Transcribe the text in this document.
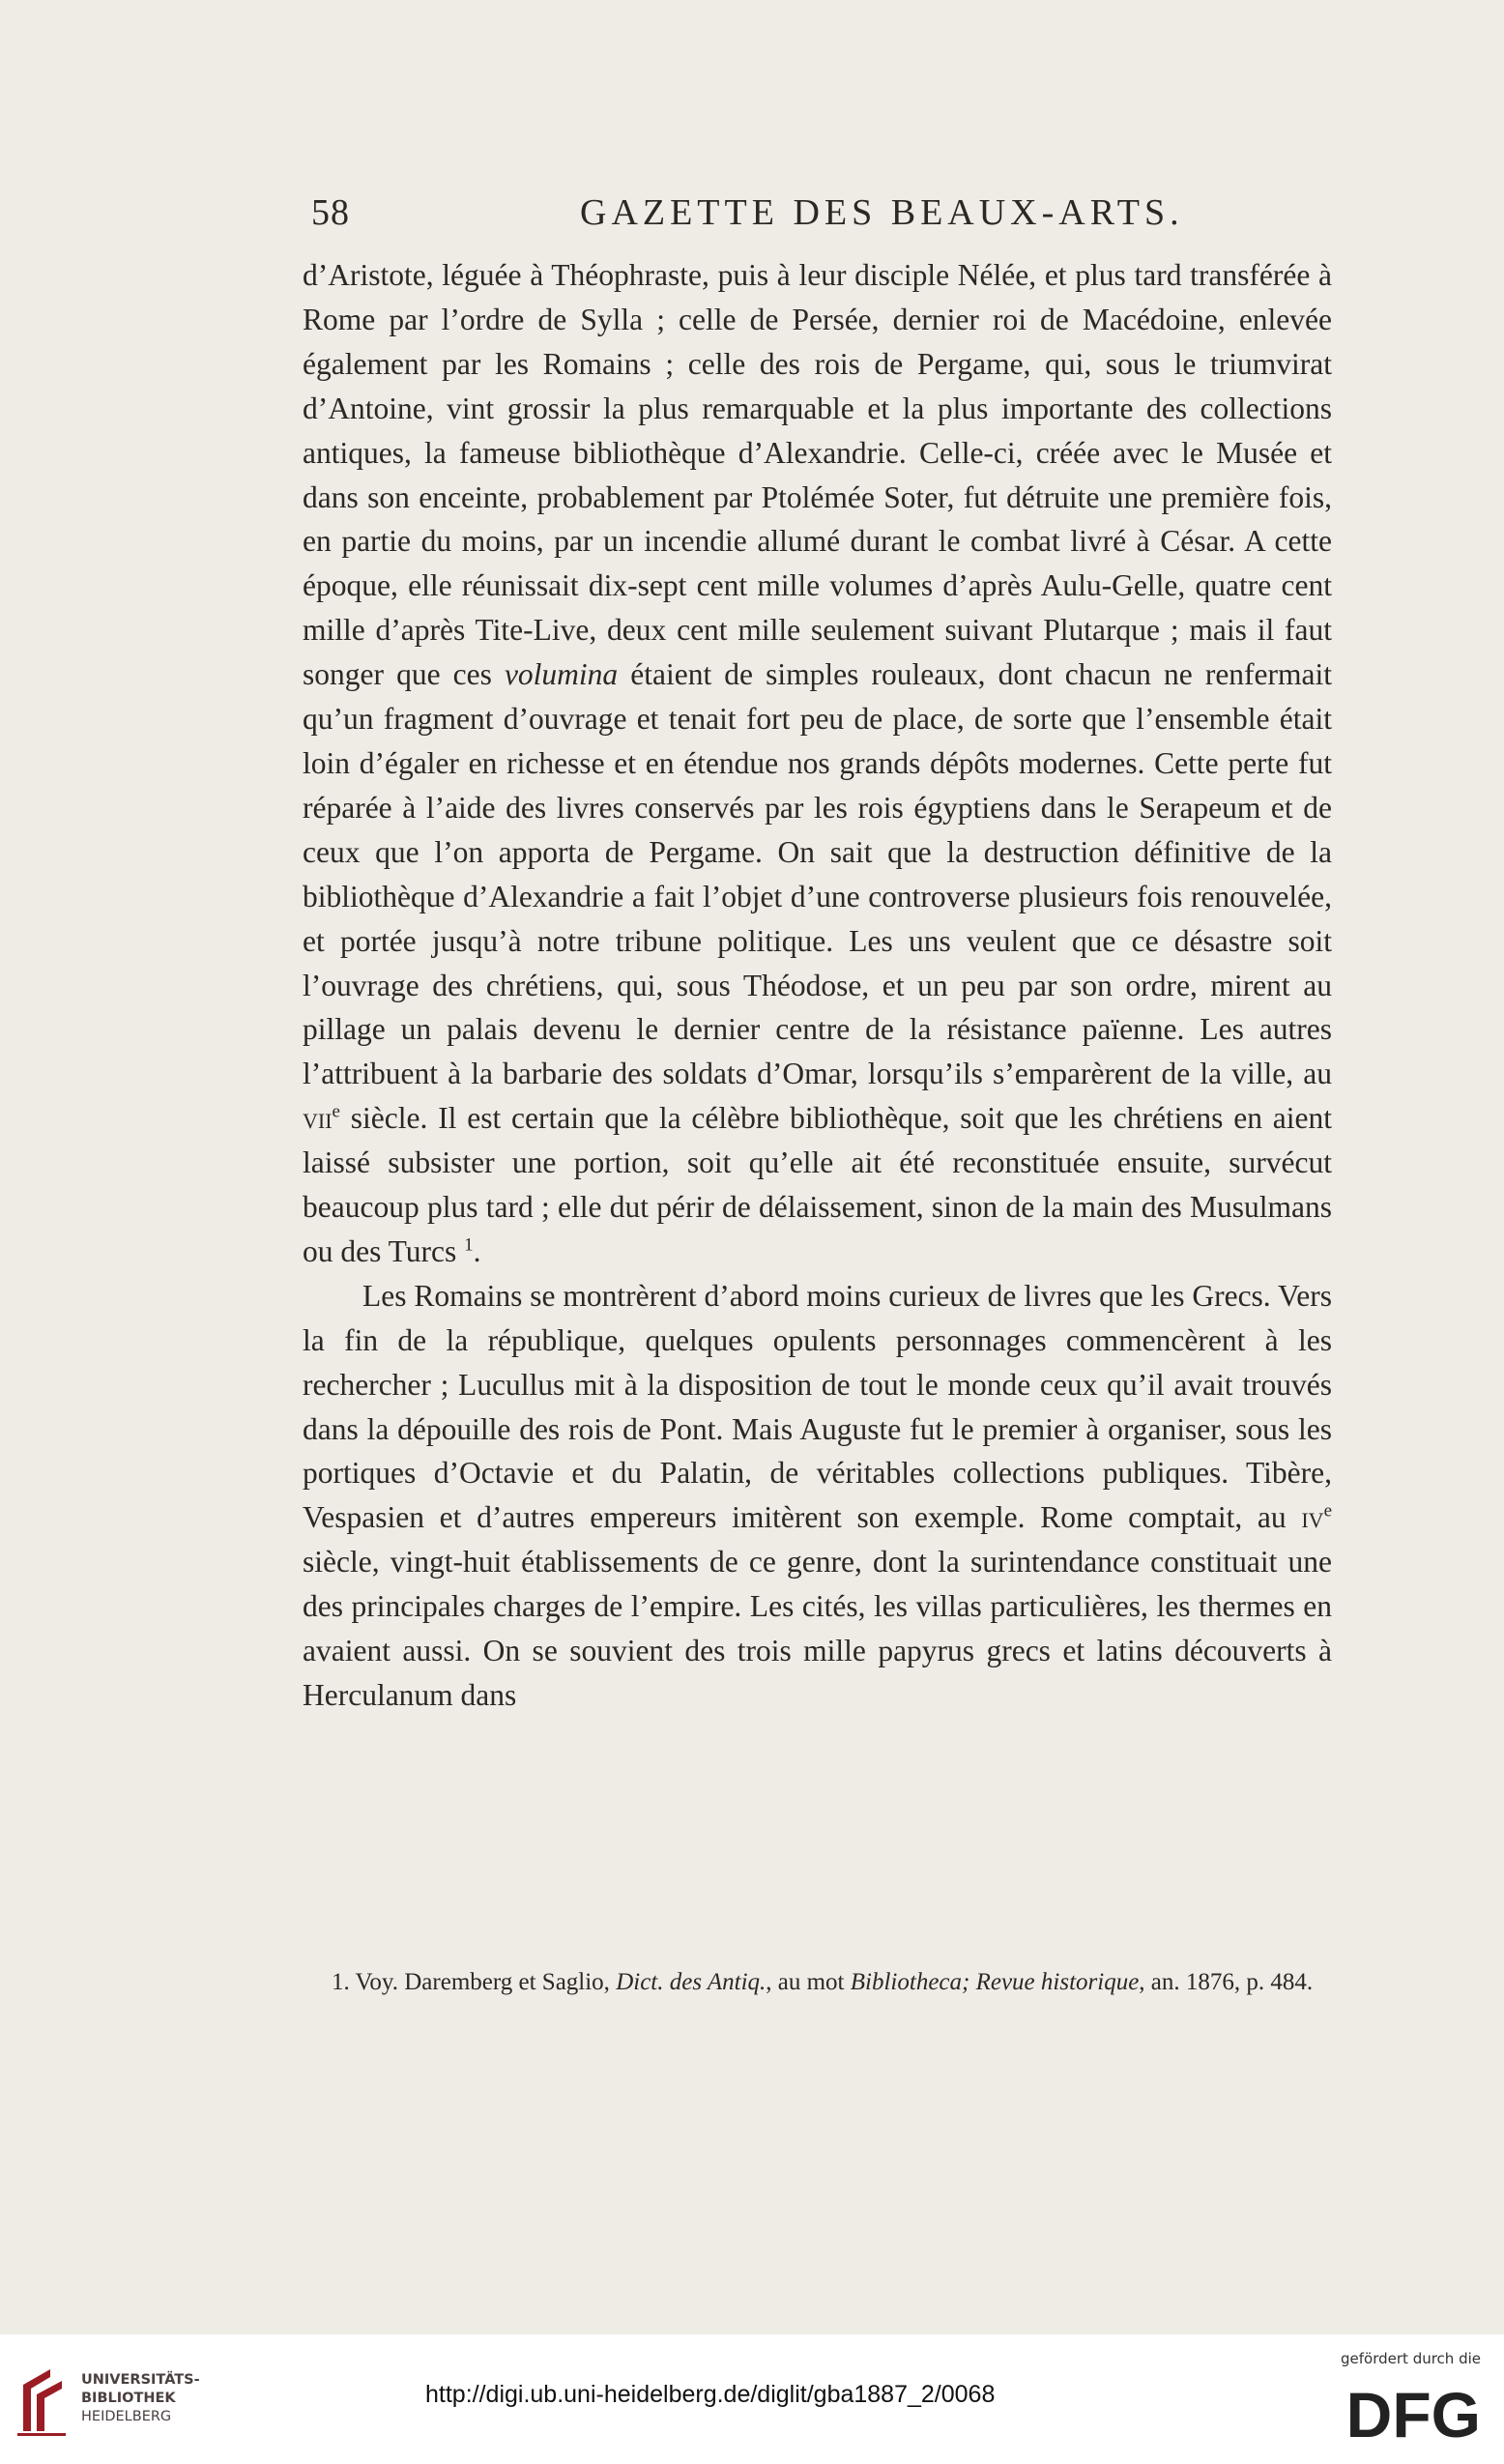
58	GAZETTE DES BEAUX-ARTS.

d’Aristote, léguée à Théophraste, puis à leur disciple Nélée, et plus tard transférée à Rome par l’ordre de Sylla ; celle de Persée, dernier roi de Macédoine, enlevée également par les Romains ; celle des rois de Pergame, qui, sous le triumvirat d’Antoine, vint grossir la plus remarquable et la plus importante des collections antiques, la fameuse bibliothèque d’Alexandrie. Celle-ci, créée avec le Musée et dans son enceinte, probablement par Ptolémée Soter, fut détruite une première fois, en partie du moins, par un incendie allumé durant le combat livré à César. A cette époque, elle réunissait dix-sept cent mille volumes d’après Aulu-Gelle, quatre cent mille d’après Tite-Live, deux cent mille seulement suivant Plutarque ; mais il faut songer que ces volumina étaient de simples rouleaux, dont chacun ne renfermait qu’un fragment d’ouvrage et tenait fort peu de place, de sorte que l’ensemble était loin d’égaler en richesse et en étendue nos grands dépôts modernes. Cette perte fut réparée à l’aide des livres conservés par les rois égyptiens dans le Serapeum et de ceux que l’on apporta de Pergame. On sait que la destruction définitive de la bibliothèque d’Alexandrie a fait l’objet d’une controverse plusieurs fois renouvelée, et portée jusqu’à notre tribune politique. Les uns veulent que ce désastre soit l’ouvrage des chrétiens, qui, sous Théodose, et un peu par son ordre, mirent au pillage un palais devenu le dernier centre de la résistance païenne. Les autres l’attribuent à la barbarie des soldats d’Omar, lorsqu’ils s’emparèrent de la ville, au vii$^e$ siècle. Il est certain que la célèbre bibliothèque, soit que les chrétiens en aient laissé subsister une portion, soit qu’elle ait été reconstituée ensuite, survécut beaucoup plus tard ; elle dut périr de délaissement, sinon de la main des Musulmans ou des Turcs $^1$.

Les Romains se montrèrent d’abord moins curieux de livres que les Grecs. Vers la fin de la république, quelques opulents personnages commencèrent à les rechercher ; Lucullus mit à la disposition de tout le monde ceux qu’il avait trouvés dans la dépouille des rois de Pont. Mais Auguste fut le premier à organiser, sous les portiques d’Octavie et du Palatin, de véritables collections publiques. Tibère, Vespasien et d’autres empereurs imitèrent son exemple. Rome comptait, au $iv^e$ siècle, vingt-huit établissements de ce genre, dont la surintendance constituait une des principales charges de l’empire. Les cités, les villas particulières, les thermes en avaient aussi. On se souvient des trois mille papyrus grecs et latins découverts à Herculanum dans

1. Voy. Daremberg et Saglio, Dict. des Antiq., au mot Bibliotheca; Revue historique, an. 1876, p. 484.
UNIVERSITÄTS-
BIBLIOTHEK
HEIDELBERG
http://digi.ub.uni-heidelberg.de/diglit/gba1887_2/0068
gefördert durch die
DFG
